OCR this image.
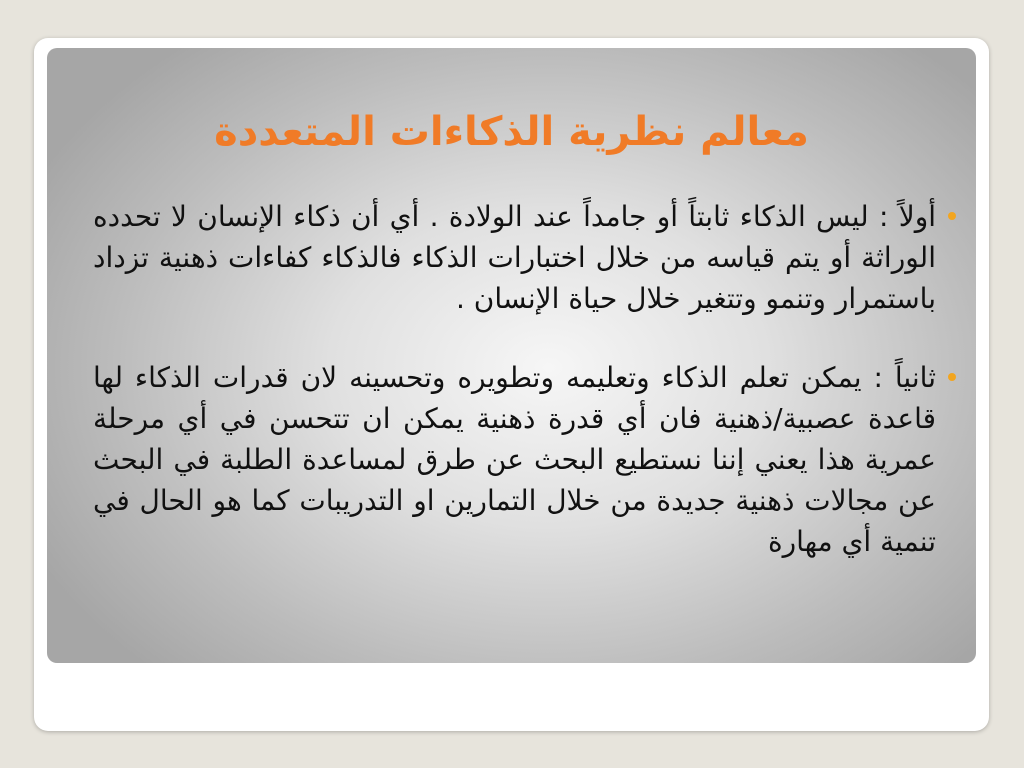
معالم نظرية الذكاءات المتعددة
أولاً : ليس الذكاء ثابتاً أو جامداً عند الولادة . أي أن ذكاء الإنسان لا تحدده الوراثة أو يتم قياسه من خلال اختبارات الذكاء فالذكاء كفاءات ذهنية تزداد باستمرار وتنمو وتتغير خلال حياة الإنسان .
ثانياً : يمكن تعلم الذكاء وتعليمه وتطويره وتحسينه لان قدرات الذكاء لها قاعدة عصبية/ذهنية فان أي قدرة ذهنية يمكن ان تتحسن في أي مرحلة عمرية هذا يعني إننا نستطيع البحث عن طرق لمساعدة الطلبة في البحث عن مجالات ذهنية جديدة من خلال التمارين او التدريبات كما هو الحال في تنمية أي مهارة
